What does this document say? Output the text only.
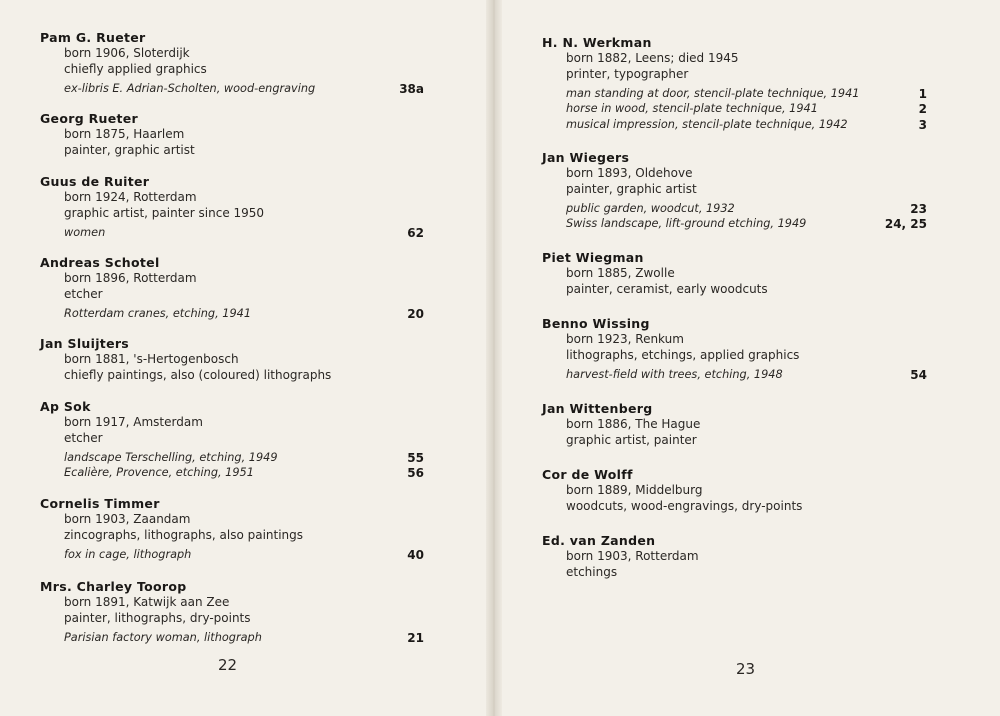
Pam G. Rueter
born 1906, Sloterdijk
chiefly applied graphics
ex-libris E. Adrian-Scholten, wood-engraving	38a
Georg Rueter
born 1875, Haarlem
painter, graphic artist
Guus de Ruiter
born 1924, Rotterdam
graphic artist, painter since 1950
women	62
Andreas Schotel
born 1896, Rotterdam
etcher
Rotterdam cranes, etching, 1941	20
Jan Sluijters
born 1881, 's-Hertogenbosch
chiefly paintings, also (coloured) lithographs
Ap Sok
born 1917, Amsterdam
etcher
landscape Terschelling, etching, 1949	55
Ecalière, Provence, etching, 1951	56
Cornelis Timmer
born 1903, Zaandam
zincographs, lithographs, also paintings
fox in cage, lithograph	40
Mrs. Charley Toorop
born 1891, Katwijk aan Zee
painter, lithographs, dry-points
Parisian factory woman, lithograph	21
22
H. N. Werkman
born 1882, Leens; died 1945
printer, typographer
man standing at door, stencil-plate technique, 1941	1
horse in wood, stencil-plate technique, 1941	2
musical impression, stencil-plate technique, 1942	3
Jan Wiegers
born 1893, Oldehove
painter, graphic artist
public garden, woodcut, 1932	23
Swiss landscape, lift-ground etching, 1949	24, 25
Piet Wiegman
born 1885, Zwolle
painter, ceramist, early woodcuts
Benno Wissing
born 1923, Renkum
lithographs, etchings, applied graphics
harvest-field with trees, etching, 1948	54
Jan Wittenberg
born 1886, The Hague
graphic artist, painter
Cor de Wolff
born 1889, Middelburg
woodcuts, wood-engravings, dry-points
Ed. van Zanden
born 1903, Rotterdam
etchings
23
